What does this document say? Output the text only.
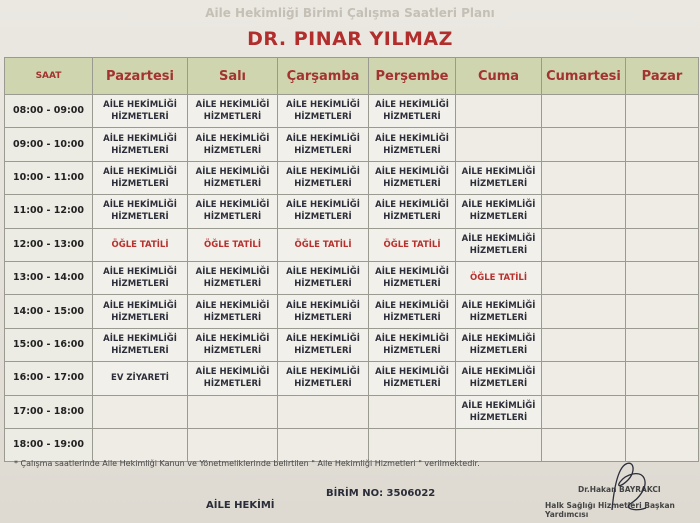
Aile Hekimliği Birimi Çalışma Saatleri Planı
DR. PINAR YILMAZ
SAAT	Pazartesi	Salı	Çarşamba	Perşembe	Cuma	Cumartesi	Pazar
08:00 - 09:00	AİLE HEKİMLİĞİ HİZMETLERİ	AİLE HEKİMLİĞİ HİZMETLERİ	AİLE HEKİMLİĞİ HİZMETLERİ	AİLE HEKİMLİĞİ HİZMETLERİ			
09:00 - 10:00	AİLE HEKİMLİĞİ HİZMETLERİ	AİLE HEKİMLİĞİ HİZMETLERİ	AİLE HEKİMLİĞİ HİZMETLERİ	AİLE HEKİMLİĞİ HİZMETLERİ			
10:00 - 11:00	AİLE HEKİMLİĞİ HİZMETLERİ	AİLE HEKİMLİĞİ HİZMETLERİ	AİLE HEKİMLİĞİ HİZMETLERİ	AİLE HEKİMLİĞİ HİZMETLERİ	AİLE HEKİMLİĞİ HİZMETLERİ		
11:00 - 12:00	AİLE HEKİMLİĞİ HİZMETLERİ	AİLE HEKİMLİĞİ HİZMETLERİ	AİLE HEKİMLİĞİ HİZMETLERİ	AİLE HEKİMLİĞİ HİZMETLERİ	AİLE HEKİMLİĞİ HİZMETLERİ		
12:00 - 13:00	ÖĞLE TATİLİ	ÖĞLE TATİLİ	ÖĞLE TATİLİ	ÖĞLE TATİLİ	AİLE HEKİMLİĞİ HİZMETLERİ		
13:00 - 14:00	AİLE HEKİMLİĞİ HİZMETLERİ	AİLE HEKİMLİĞİ HİZMETLERİ	AİLE HEKİMLİĞİ HİZMETLERİ	AİLE HEKİMLİĞİ HİZMETLERİ	ÖĞLE TATİLİ		
14:00 - 15:00	AİLE HEKİMLİĞİ HİZMETLERİ	AİLE HEKİMLİĞİ HİZMETLERİ	AİLE HEKİMLİĞİ HİZMETLERİ	AİLE HEKİMLİĞİ HİZMETLERİ	AİLE HEKİMLİĞİ HİZMETLERİ		
15:00 - 16:00	AİLE HEKİMLİĞİ HİZMETLERİ	AİLE HEKİMLİĞİ HİZMETLERİ	AİLE HEKİMLİĞİ HİZMETLERİ	AİLE HEKİMLİĞİ HİZMETLERİ	AİLE HEKİMLİĞİ HİZMETLERİ		
16:00 - 17:00	EV ZİYARETİ	AİLE HEKİMLİĞİ HİZMETLERİ	AİLE HEKİMLİĞİ HİZMETLERİ	AİLE HEKİMLİĞİ HİZMETLERİ	AİLE HEKİMLİĞİ HİZMETLERİ		
17:00 - 18:00					AİLE HEKİMLİĞİ HİZMETLERİ		
18:00 - 19:00							
* Çalışma saatlerinde Aile Hekimliği Kanun ve Yönetmeliklerinde belirtilen " Aile Hekimliği Hizmetleri " verilmektedir.
AİLE HEKİMİ
BİRİM NO: 3506022	Dr.Hakan BAYRAKCI
Halk Sağlığı Hizmetleri Başkan Yardımcısı
